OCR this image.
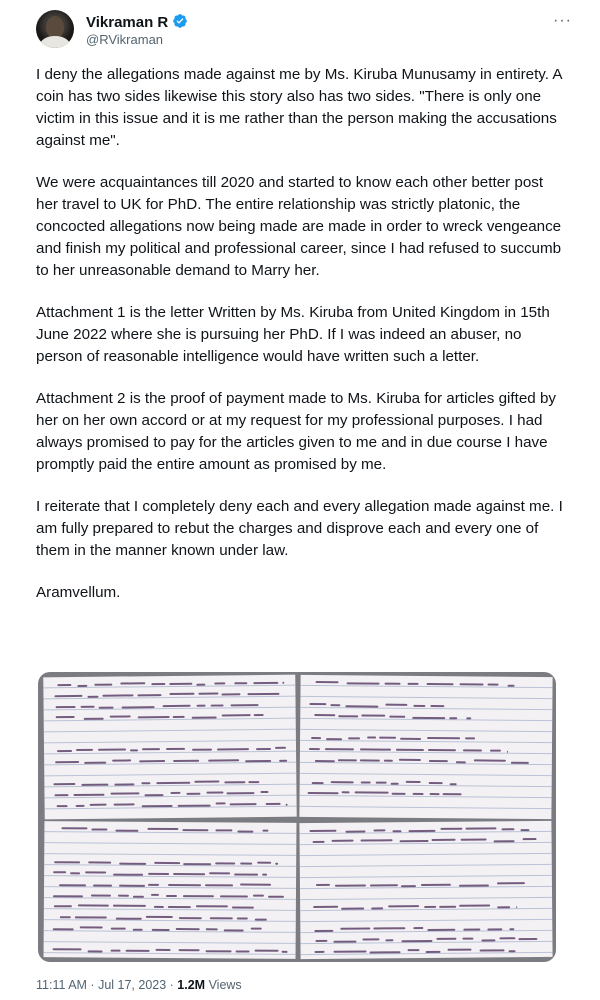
Vikraman R
@RVikraman
···

I deny the allegations made against me by Ms. Kiruba Munusamy in entirety. A coin has two sides likewise this story also has two sides. "There is only one victim in this issue and it is me rather than the person making the accusations against me".

We were acquaintances till 2020 and started to know each other better post her travel to UK for PhD. The entire relationship was strictly platonic, the concocted allegations now being made are made in order to wreck vengeance and finish my political and professional career, since I had refused to succumb to her unreasonable demand to Marry her.

Attachment 1 is the letter Written by Ms. Kiruba from United Kingdom in 15th June 2022 where she is pursuing her PhD. If I was indeed an abuser, no person of reasonable intelligence would have written such a letter.

Attachment 2 is the proof of payment made to Ms. Kiruba for articles gifted by her on her own accord or at my request for my professional purposes. I had always promised to pay for the articles given to me and in due course I have promptly paid the entire amount as promised by me.

I reiterate that I completely deny each and every allegation made against me. I am fully prepared to rebut the charges and disprove each and every one of them in the manner known under law.

Aramvellum.

11:11 AM · Jul 17, 2023 · 1.2M Views
